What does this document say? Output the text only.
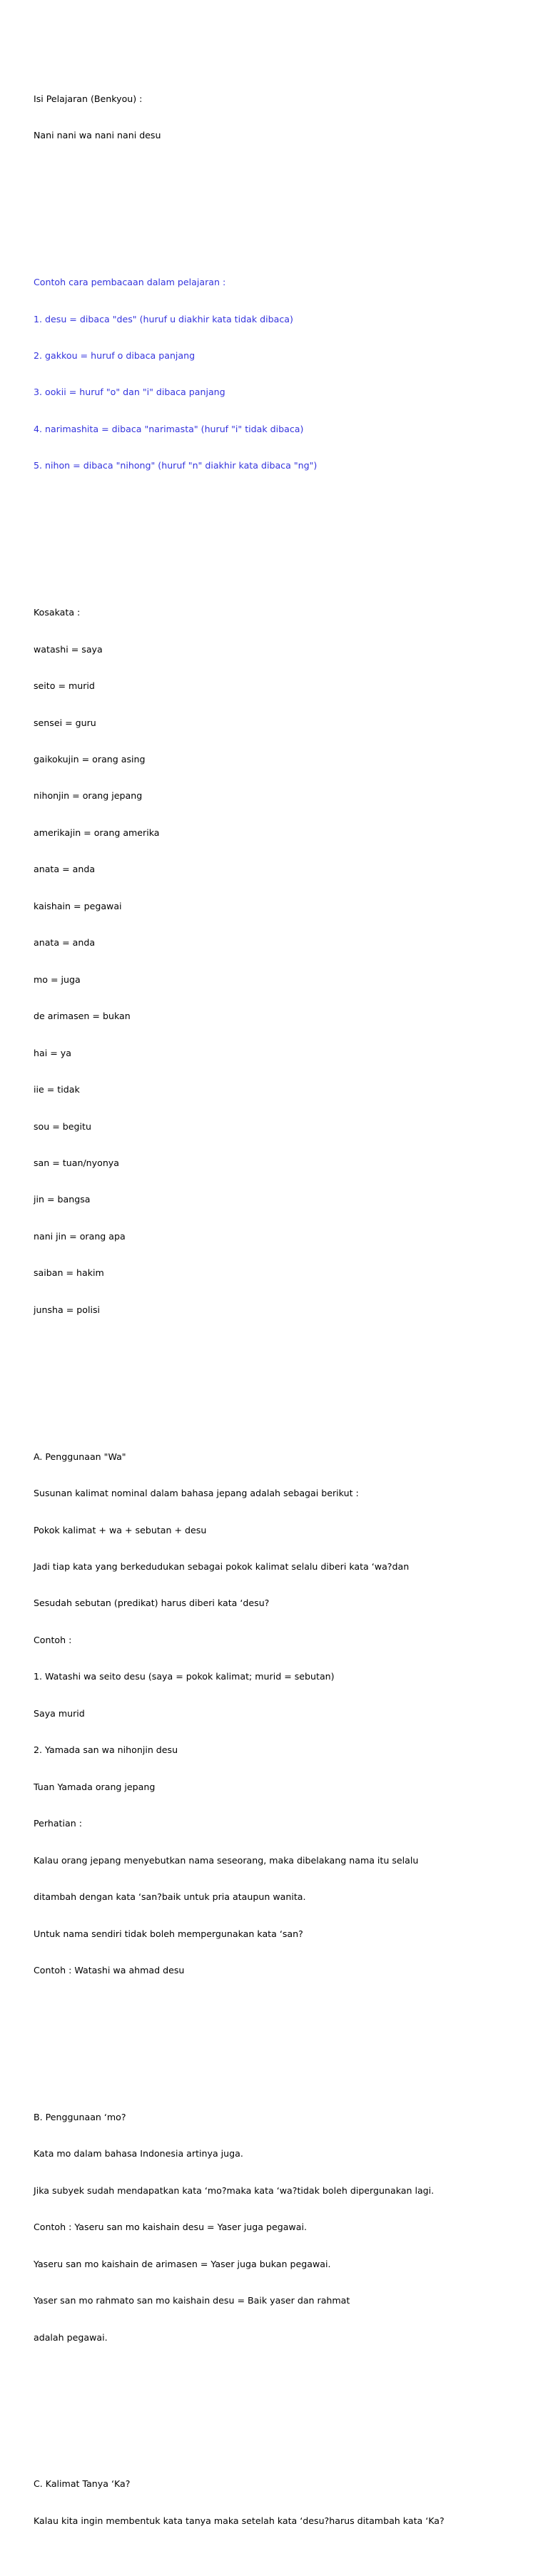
Isi Pelajaran (Benkyou) :

Nani nani wa nani nani desu

Contoh cara pembacaan dalam pelajaran :

1. desu = dibaca "des" (huruf u diakhir kata tidak dibaca)

2. gakkou = huruf o dibaca panjang

3. ookii = huruf "o" dan "i" dibaca panjang

4. narimashita = dibaca "narimasta" (huruf "i" tidak dibaca)

5. nihon = dibaca "nihong" (huruf "n" diakhir kata dibaca "ng")

Kosakata :

watashi = saya

seito = murid

sensei = guru

gaikokujin = orang asing

nihonjin = orang jepang

amerikajin = orang amerika

anata = anda

kaishain = pegawai

anata = anda

mo = juga

de arimasen = bukan

hai = ya

iie = tidak

sou = begitu

san = tuan/nyonya

jin = bangsa

nani jin = orang apa

saiban = hakim

junsha = polisi

A. Penggunaan "Wa"

Susunan kalimat nominal dalam bahasa jepang adalah sebagai berikut :

Pokok kalimat + wa + sebutan + desu

Jadi tiap kata yang berkedudukan sebagai pokok kalimat selalu diberi kata ʻwa?dan

Sesudah sebutan (predikat) harus diberi kata ʻdesu?

Contoh :

1. Watashi wa seito desu (saya = pokok kalimat; murid = sebutan)

Saya murid

2. Yamada san wa nihonjin desu

Tuan Yamada orang jepang

Perhatian :

Kalau orang jepang menyebutkan nama seseorang, maka dibelakang nama itu selalu

ditambah dengan kata ʻsan?baik untuk pria ataupun wanita.

Untuk nama sendiri tidak boleh mempergunakan kata ʻsan?

Contoh : Watashi wa ahmad desu

B. Penggunaan ʻmo?

Kata mo dalam bahasa Indonesia artinya juga.

Jika subyek sudah mendapatkan kata ʻmo?maka kata ʻwa?tidak boleh dipergunakan lagi.

Contoh : Yaseru san mo kaishain desu = Yaser juga pegawai.

Yaseru san mo kaishain de arimasen = Yaser juga bukan pegawai.

Yaser san mo rahmato san mo kaishain desu = Baik yaser dan rahmat

adalah pegawai.

C. Kalimat Tanya ʻKa?

Kalau kita ingin membentuk kata tanya maka setelah kata ʻdesu?harus ditambah kata ʻKa?
